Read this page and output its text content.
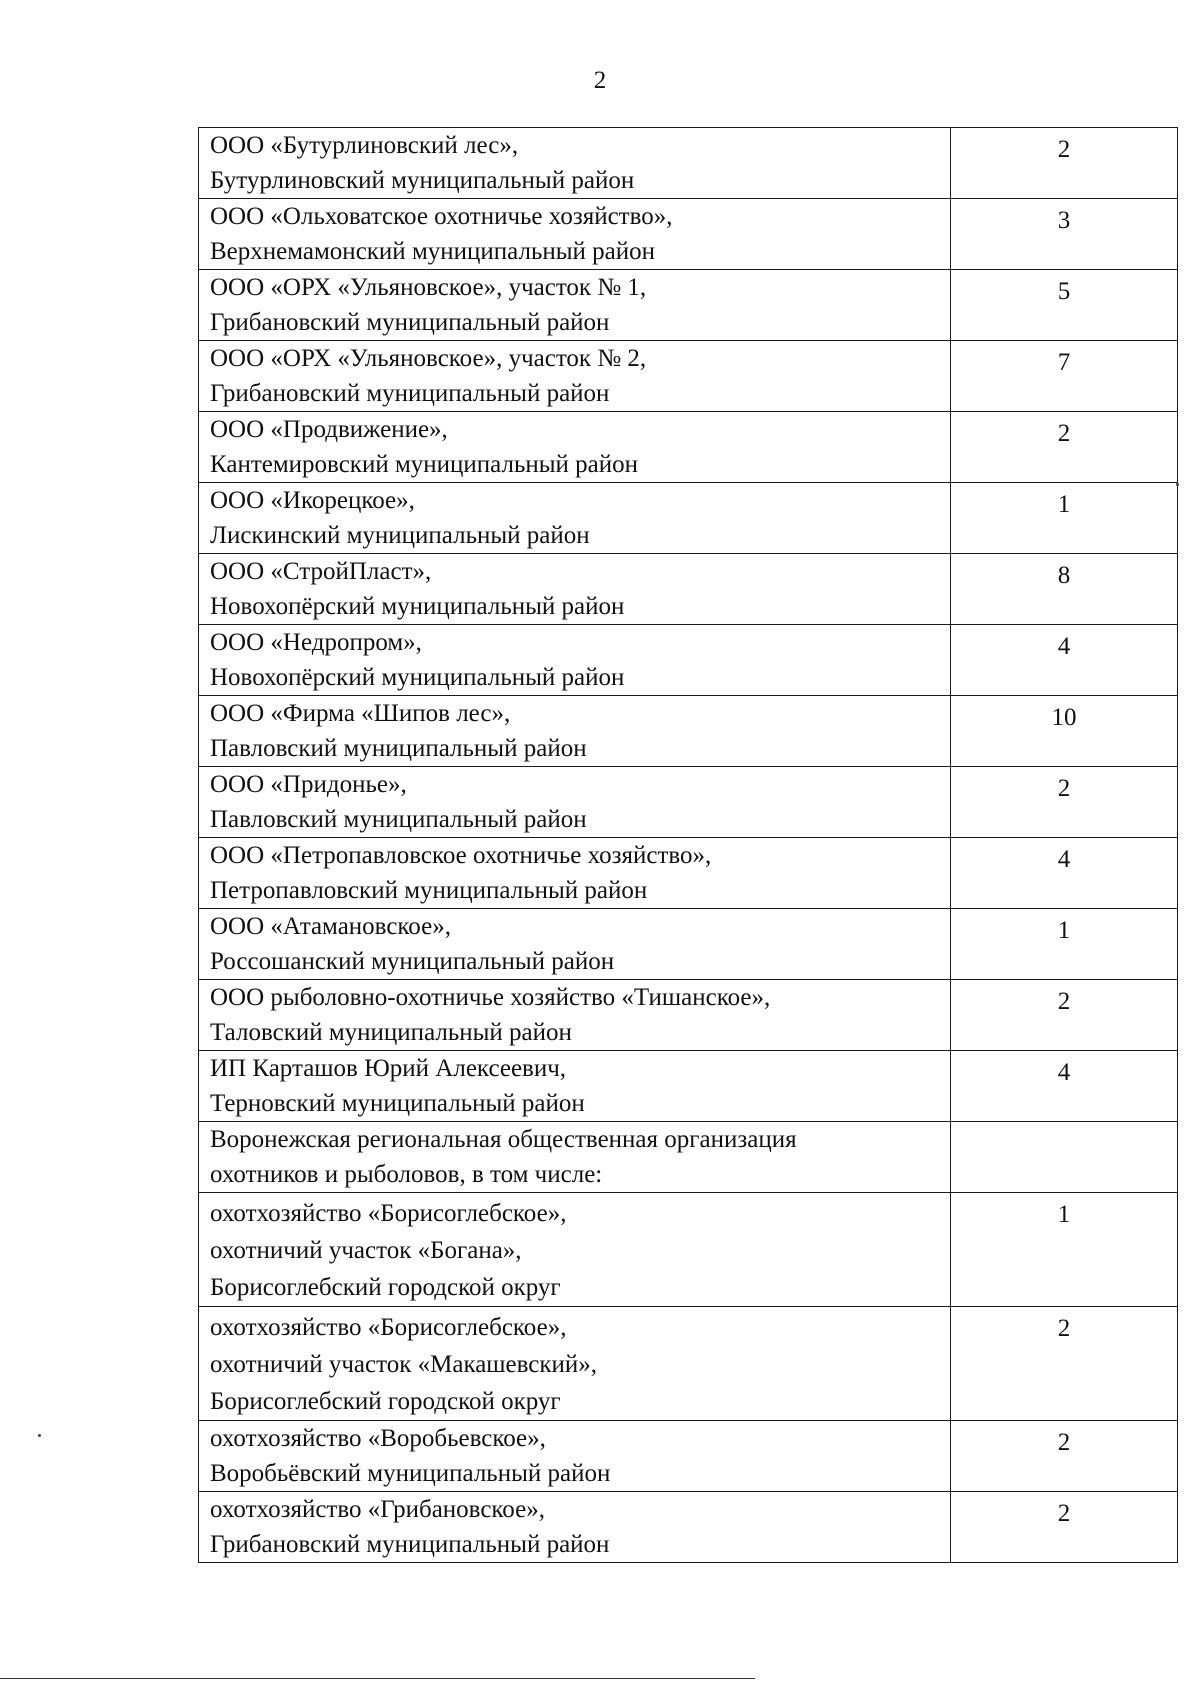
2
ООО «Бутурлиновский лес»,
Бутурлиновский муниципальный район	2

ООО «Ольховатское охотничье хозяйство»,
Верхнемамонский муниципальный район	3

ООО «ОРХ «Ульяновское», участок № 1,
Грибановский муниципальный район	5

ООО «ОРХ «Ульяновское», участок № 2,
Грибановский муниципальный район	7

ООО «Продвижение»,
Кантемировский муниципальный район	2

ООО «Икорецкое»,
Лискинский муниципальный район	1

ООО «СтройПласт»,
Новохопёрский муниципальный район	8

ООО «Недропром»,
Новохопёрский муниципальный район	4

ООО «Фирма «Шипов лес»,
Павловский муниципальный район	10

ООО «Придонье»,
Павловский муниципальный район	2

ООО «Петропавловское охотничье хозяйство»,
Петропавловский муниципальный район	4

ООО «Атамановское»,
Россошанский муниципальный район	1

ООО рыболовно-охотничье хозяйство «Тишанское»,
Таловский муниципальный район	2

ИП Карташов Юрий Алексеевич,
Терновский муниципальный район	4

Воронежская региональная общественная организация
охотников и рыболовов, в том числе:	

охотхозяйство «Борисоглебское»,
охотничий участок «Богана»,
Борисоглебский городской округ	1

охотхозяйство «Борисоглебское»,
охотничий участок «Макашевский»,
Борисоглебский городской округ	2

охотхозяйство «Воробьевское»,
Воробьёвский муниципальный район	2

охотхозяйство «Грибановское»,
Грибановский муниципальный район	2
